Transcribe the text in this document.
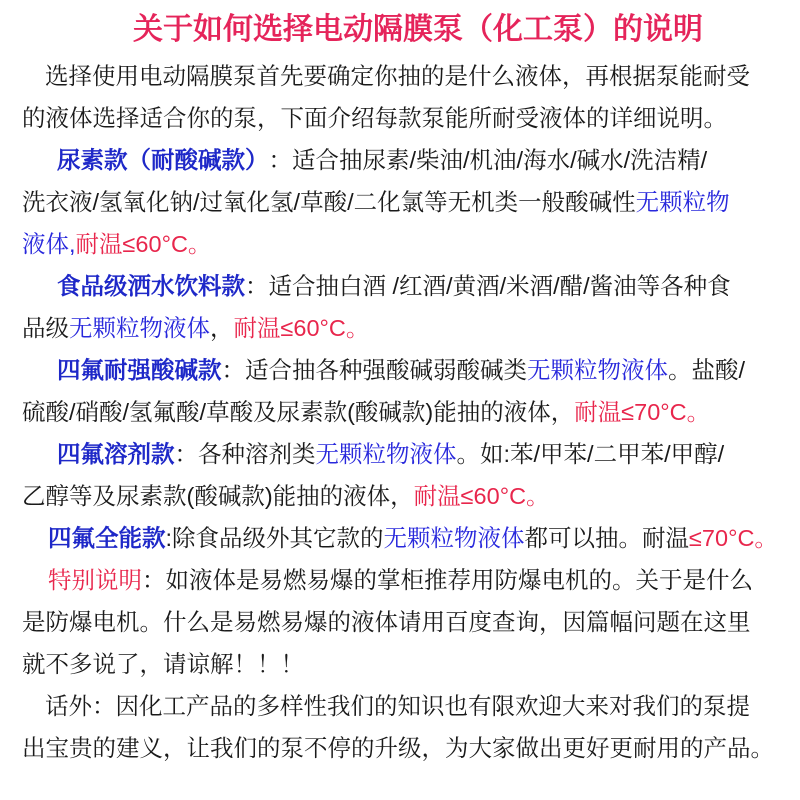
关于如何选择电动隔膜泵（化工泵）的说明
选择使用电动隔膜泵首先要确定你抽的是什么液体，再根据泵能耐受
的液体选择适合你的泵，下面介绍每款泵能所耐受液体的详细说明。
尿素款（耐酸碱款） ：适合抽尿素/柴油/机油/海水/碱水/洗洁精/
洗衣液/氢氧化钠/过氧化氢/草酸/二化氯等无机类一般酸碱性 无颗粒物
液体, 耐温≤60°C。
食品级洒水饮料款 ：适合抽白酒 /红酒/黄酒/米酒/醋/酱油等各种食
品级 无颗粒物液体 ， 耐温≤60°C。
四氟耐强酸碱款 ：适合抽各种强酸碱弱酸碱类 无颗粒物液体 。盐酸/
硫酸/硝酸/氢氟酸/草酸及尿素款(酸碱款)能抽的液体， 耐温≤70°C。
四氟溶剂款 ：各种溶剂类 无颗粒物液体 。如:苯/甲苯/二甲苯/甲醇/
乙醇等及尿素款(酸碱款)能抽的液体， 耐温≤60°C。
四氟全能款 :除食品级外其它款的 无颗粒物液体 都可以抽。耐温 ≤70°C。
特别说明 ：如液体是易燃易爆的掌柜推荐用防爆电机的。关于是什么
是防爆电机。什么是易燃易爆的液体请用百度查询，因篇幅问题在这里
就不多说了，请谅解！！！
话外：因化工产品的多样性我们的知识也有限欢迎大来对我们的泵提
出宝贵的建义，让我们的泵不停的升级，为大家做出更好更耐用的产品。
